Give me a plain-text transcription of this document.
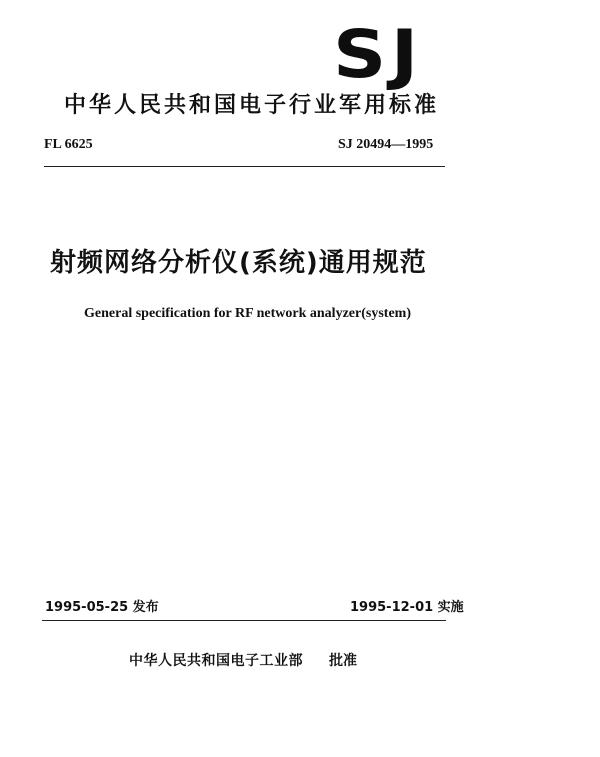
SJ
中华人民共和国电子行业军用标准
FL 6625	SJ 20494—1995
射频网络分析仪(系统)通用规范
General specification for RF network analyzer(system)
1995-05-25 发布	1995-12-01 实施
中华人民共和国电子工业部 批准
